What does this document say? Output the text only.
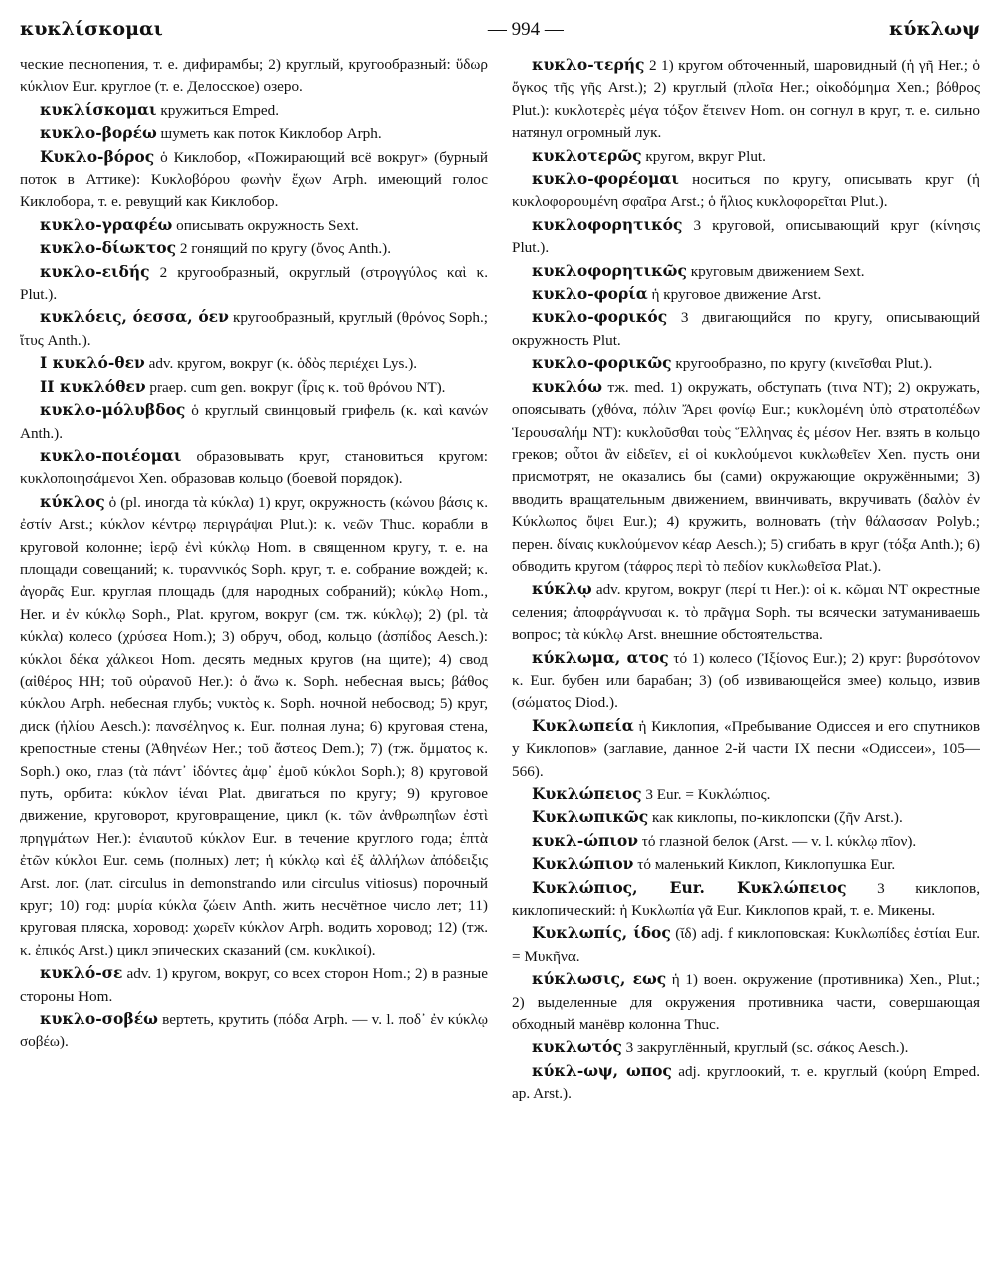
κυκλίσκομαι	— 994 —	κύκλωψ

ческие песнопения, т. е. дифирамбы; 2) круглый, кругообразный: ὕδωρ κύκλιον Eur. круглое (т. е. Делосское) озеро.

κυκλίσκομαι кружиться Emped.

κυκλο-βορέω шуметь как поток Киклобор Arph.

Κυκλο-βόρος ὁ Киклобор, «Пожирающий всё вокруг» (бурный поток в Аттике): Κυκλοβόρου φωνὴν ἔχων Arph. имеющий голос Киклобора, т. е. ревущий как Киклобор.

κυκλο-γραφέω описывать окружность Sext.

κυκλο-δίωκτος 2 гонящий по кругу (ὄνος Anth.).

κυκλο-ειδής 2 кругообразный, округлый (στρογγύλος καὶ κ. Plut.).

κυκλόεις, όεσσα, όεν кругообразный, круглый (θρόνος Soph.; ἴτυς Anth.).

I κυκλό-θεν adv. кругом, вокруг (κ. ὁδὸς περιέχει Lys.).

II κυκλόθεν praep. cum gen. вокруг (ἶρις κ. τοῦ θρόνου NT).

κυκλο-μόλυβδος ὁ круглый свинцовый грифель (κ. καὶ κανών Anth.).

κυκλο-ποιέομαι образовывать круг, становиться кругом: κυκλοποιησάμενοι Xen. образовав кольцо (боевой порядок).

κύκλος ὁ (pl. иногда τὰ κύκλα) 1) круг, окружность (κώνου βάσις κ. ἐστίν Arst.; κύκλον κέντρῳ περιγράψαι Plut.): κ. νεῶν Thuc. корабли в круговой колонне; ἱερῷ ἐνὶ κύκλῳ Hom. в священном кругу, т. е. на площади совещаний; κ. τυραννικός Soph. круг, т. е. собрание вождей; κ. ἀγορᾶς Eur. круглая площадь (для народных собраний); κύκλῳ Hom., Her. и ἐν κύκλῳ Soph., Plat. кругом, вокруг (см. тж. κύκλῳ); 2) (pl. τὰ κύκλα) колесо (χρύσεα Hom.); 3) обруч, обод, кольцо (ἀσπίδος Aesch.): κύκλοι δέκα χάλκεοι Hom. десять медных кругов (на щите); 4) свод (αἰθέρος HH; τοῦ οὐρανοῦ Her.): ὁ ἄνω κ. Soph. небесная высь; βάθος κύκλου Arph. небесная глубь; νυκτὸς κ. Soph. ночной небосвод; 5) круг, диск (ἡλίου Aesch.): πανσέληνος κ. Eur. полная луна; 6) круговая стена, крепостные стены (Ἀθηνέων Her.; τοῦ ἄστεος Dem.); 7) (тж. ὄμματος κ. Soph.) око, глаз (τὰ πάντ᾽ ἰδόντες ἀμφ᾽ ἐμοῦ κύκλοι Soph.); 8) круговой путь, орбита: κύκλον ἰέναι Plat. двигаться по кругу; 9) круговое движение, круговорот, круговращение, цикл (κ. τῶν ἀνθρωπηΐων ἐστὶ πρηγμάτων Her.): ἐνιαυτοῦ κύκλον Eur. в течение круглого года; ἑπτὰ ἐτῶν κύκλοι Eur. семь (полных) лет; ἡ κύκλῳ καὶ ἐξ ἀλλήλων ἀπόδειξις Arst. лог. (лат. circulus in demonstrando или circulus vitiosus) порочный круг; 10) год: μυρία κύκλα ζώειν Anth. жить несчётное число лет; 11) круговая пляска, хоровод: χωρεῖν κύκλον Arph. водить хоровод; 12) (тж. κ. ἐπικός Arst.) цикл эпических сказаний (см. κυκλικοί).

κυκλό-σε adv. 1) кругом, вокруг, со всех сторон Hom.; 2) в разные стороны Hom.

κυκλο-σοβέω вертеть, крутить (πόδα Arph. — v. l. ποδ᾽ ἐν κύκλῳ σοβέω).

κυκλο-τερής 2 1) кругом обточенный, шаровидный (ἡ γῆ Her.; ὁ ὄγκος τῆς γῆς Arst.); 2) круглый (πλοῖα Her.; οἰκοδόμημα Xen.; βόθρος Plut.): κυκλοτερὲς μέγα τόξον ἔτεινεν Hom. он согнул в круг, т. е. сильно натянул огромный лук.

κυκλοτερῶς кругом, вкруг Plut.

κυκλο-φορέομαι носиться по кругу, описывать круг (ἡ κυκλοφορουμένη σφαῖρα Arst.; ὁ ἥλιος κυκλοφορεῖται Plut.).

κυκλοφορητικός 3 круговой, описывающий круг (κίνησις Plut.).

κυκλοφορητικῶς круговым движением Sext.

κυκλο-φορία ἡ круговое движение Arst.

κυκλο-φορικός 3 двигающийся по кругу, описывающий окружность Plut.

κυκλο-φορικῶς кругообразно, по кругу (κινεῖσθαι Plut.).

κυκλόω тж. med. 1) окружать, обступать (τινα NT); 2) окружать, опоясывать (χθόνα, πόλιν Ἄρει φονίῳ Eur.; κυκλομένη ὑπὸ στρατοπέδων Ἱερουσαλήμ NT): κυκλοῦσθαι τοὺς Ἕλληνας ἐς μέσον Her. взять в кольцо греков; οὗτοι ἂν εἰδεῖεν, εἰ οἱ κυκλούμενοι κυκλωθεῖεν Xen. пусть они присмотрят, не оказались бы (сами) окружающие окружёнными; 3) вводить вращательным движением, ввинчивать, вкручивать (δαλὸν ἐν Κύκλωπος ὄψει Eur.); 4) кружить, волновать (τὴν θάλασσαν Polyb.; перен. δίναις κυκλούμενον κέαρ Aesch.); 5) сгибать в круг (τόξα Anth.); 6) обводить кругом (τάφρος περὶ τὸ πεδίον κυκλωθεῖσα Plat.).

κύκλῳ adv. кругом, вокруг (περί τι Her.): οἱ κ. κῶμαι NT окрестные селения; ἀποφράγνυσαι κ. τὸ πρᾶγμα Soph. ты всячески затуманиваешь вопрос; τὰ κύκλῳ Arst. внешние обстоятельства.

κύκλωμα, ατος τό 1) колесо (Ἰξίονος Eur.); 2) круг: βυρσότονον κ. Eur. бубен или барабан; 3) (об извивающейся змее) кольцо, извив (σώματος Diod.).

Κυκλωπεία ἡ Киклопия, «Пребывание Одиссея и его спутников у Киклопов» (заглавие, данное 2-й части IX песни «Одиссеи», 105—566).

Κυκλώπειος 3 Eur. = Κυκλώπιος.

Κυκλωπικῶς как киклопы, по-киклопски (ζῆν Arst.).

κυκλ-ώπιον τό глазной белок (Arst. — v. l. κύκλῳ πῖον).

Κυκλώπιον τό маленький Киклоп, Киклопушка Eur.

Κυκλώπιος, Eur. Κυκλώπειος 3 киклопов, киклопический: ἡ Κυκλωπία γᾶ Eur. Киклопов край, т. е. Микены.

Κυκλωπίς, ίδος (ῐδ) adj. f киклоповская: Κυκλωπίδες ἑστίαι Eur. = Μυκῆνα.

κύκλωσις, εως ἡ 1) воен. окружение (противника) Xen., Plut.; 2) выделенные для окружения противника части, совершающая обходный манёвр колонна Thuc.

κυκλωτός 3 закруглённый, круглый (sc. σάκος Aesch.).

κύκλ-ωψ, ωπος adj. круглоокий, т. е. круглый (κούρη Emped. ap. Arst.).
